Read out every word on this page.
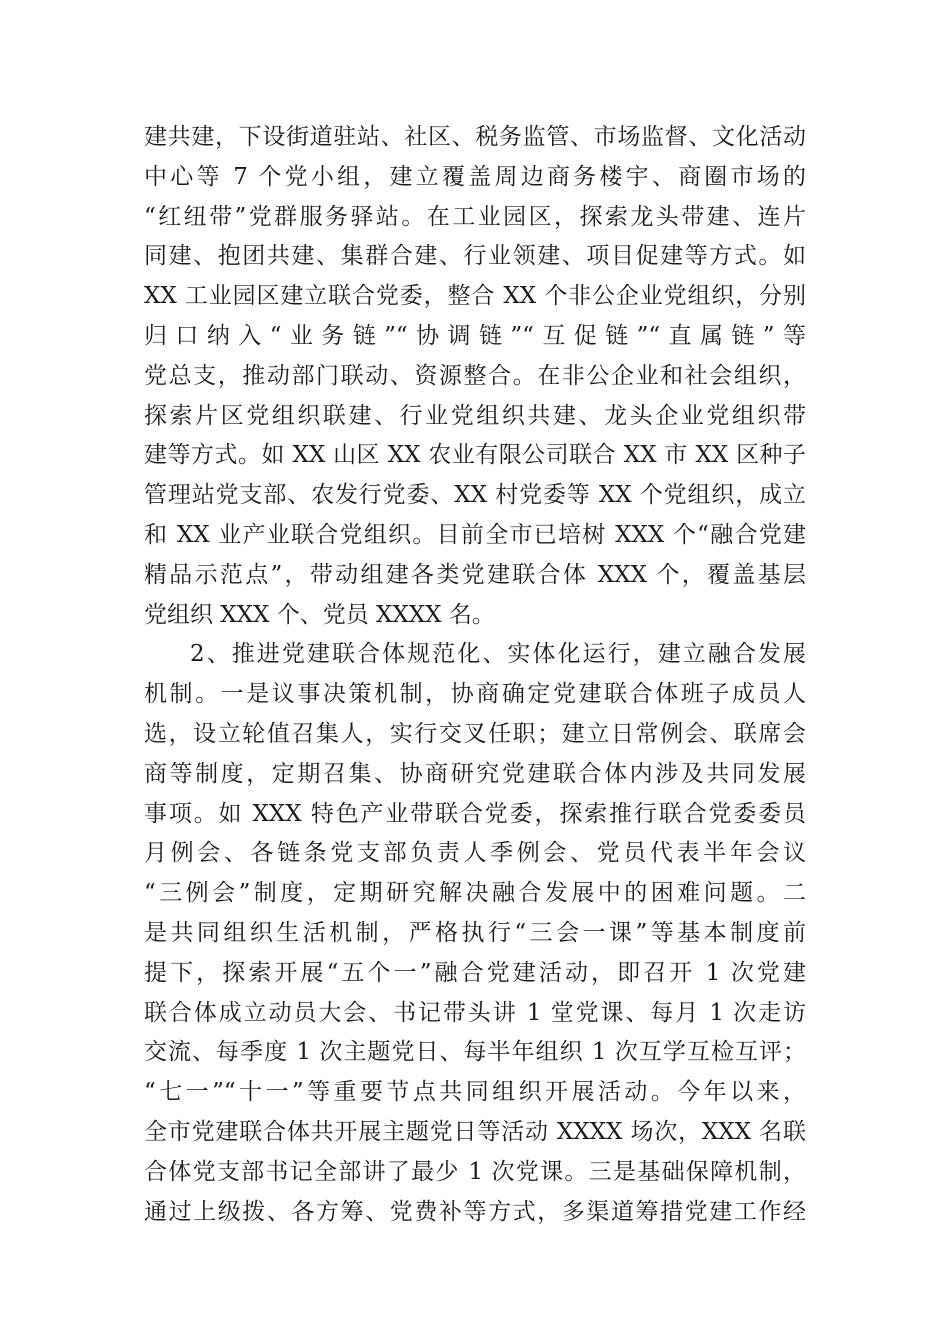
建共建，下设街道驻站、社区、税务监管、市场监督、文化活动
中心等 7 个党小组，建立覆盖周边商务楼宇、商圈市场的
“红纽带”党群服务驿站。在工业园区，探索龙头带建、连片
同建、抱团共建、集群合建、行业领建、项目促建等方式。如
XX 工业园区建立联合党委，整合 XX 个非公企业党组织，分别
归口纳入“业务链”“协调链”“互促链”“直属链”等
党总支，推动部门联动、资源整合。在非公企业和社会组织，
探索片区党组织联建、行业党组织共建、龙头企业党组织带
建等方式。如 XX 山区 XX 农业有限公司联合 XX 市 XX 区种子
管理站党支部、农发行党委、XX 村党委等 XX 个党组织，成立
和 XX 业产业联合党组织。目前全市已培树 XXX 个“融合党建
精品示范点”，带动组建各类党建联合体 XXX 个，覆盖基层
党组织 XXX 个、党员 XXXX 名。
2、推进党建联合体规范化、实体化运行，建立融合发展
机制。一是议事决策机制，协商确定党建联合体班子成员人
选，设立轮值召集人，实行交叉任职；建立日常例会、联席会
商等制度，定期召集、协商研究党建联合体内涉及共同发展
事项。如 XXX 特色产业带联合党委，探索推行联合党委委员
月例会、各链条党支部负责人季例会、党员代表半年会议
“三例会”制度，定期研究解决融合发展中的困难问题。二
是共同组织生活机制，严格执行“三会一课”等基本制度前
提下，探索开展“五个一”融合党建活动，即召开 1 次党建
联合体成立动员大会、书记带头讲 1 堂党课、每月 1 次走访
交流、每季度 1 次主题党日、每半年组织 1 次互学互检互评；
“七一”“十一”等重要节点共同组织开展活动。今年以来，
全市党建联合体共开展主题党日等活动 XXXX 场次，XXX 名联
合体党支部书记全部讲了最少 1 次党课。三是基础保障机制，
通过上级拨、各方筹、党费补等方式，多渠道筹措党建工作经
